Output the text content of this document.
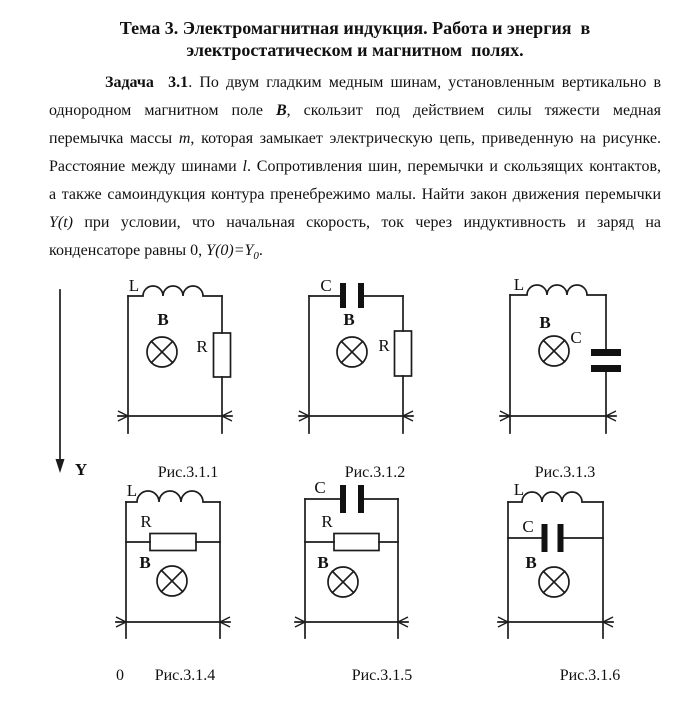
Тема 3. Электромагнитная индукция. Работа и энергия  в
электростатическом и магнитном  полях.
Задача  3.1. По двум гладким медным шинам, установленным вертикально в
однородном магнитном поле B, скользит под действием силы тяжести медная
перемычка массы m, которая замыкает электрическую цепь, приведенную на рисунке.
Расстояние между шинами l. Сопротивления шин, перемычки и скользящих контактов,
а также самоиндукция контура пренебрежимо малы. Найти закон движения перемычки
Y(t) при условии, что начальная скорость, ток через индуктивность и заряд на
конденсаторе равны 0, $Y(0)=Y_0$.
Y
L
B
R
Рис.3.1.1
C
B
R
Рис.3.1.2
L
B
C
Рис.3.1.3
L
R
B
Рис.3.1.4
0
C
R
B
Рис.3.1.5
L
C
B
Рис.3.1.6
